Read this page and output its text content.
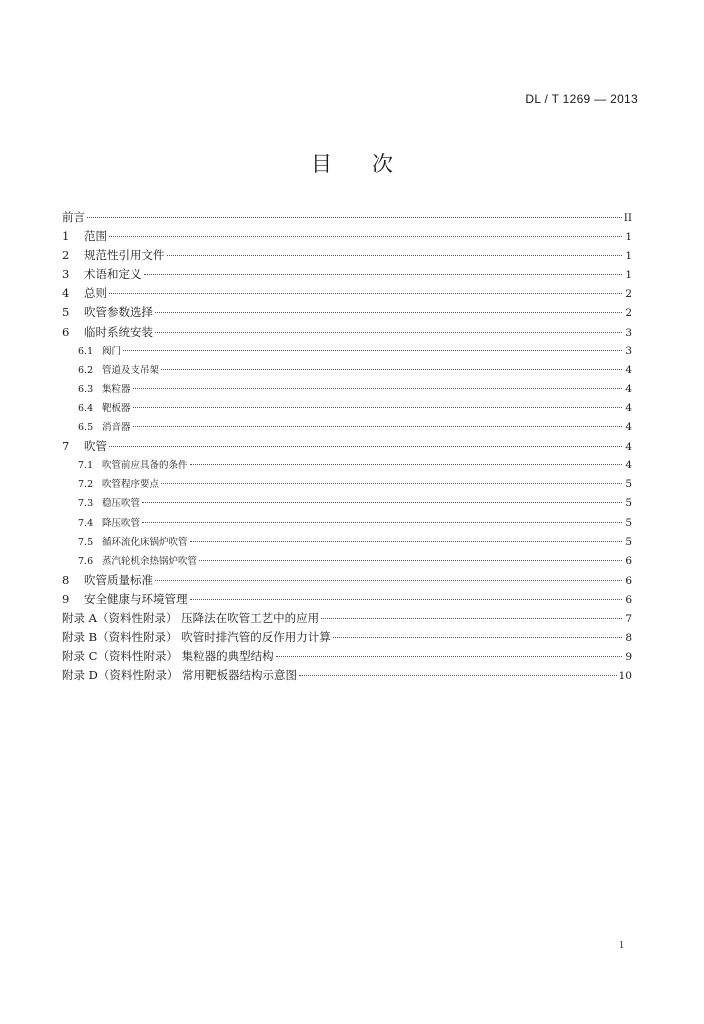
DL / T 1269 — 2013
目 次
前言	II
1	范围	1
2	规范性引用文件	1
3	术语和定义	1
4	总则	2
5	吹管参数选择	2
6	临时系统安装	3
6.1 阀门	3
6.2 管道及支吊架	4
6.3 集粒器	4
6.4 靶板器	4
6.5 消音器	4
7	吹管	4
7.1 吹管前应具备的条件	4
7.2 吹管程序要点	5
7.3 稳压吹管	5
7.4 降压吹管	5
7.5 循环流化床锅炉吹管	5
7.6 蒸汽轮机余热锅炉吹管	6
8	吹管质量标准	6
9	安全健康与环境管理	6
附录 A（资料性附录） 压降法在吹管工艺中的应用	7
附录 B（资料性附录） 吹管时排汽管的反作用力计算	8
附录 C（资料性附录） 集粒器的典型结构	9
附录 D（资料性附录） 常用靶板器结构示意图	10
1
